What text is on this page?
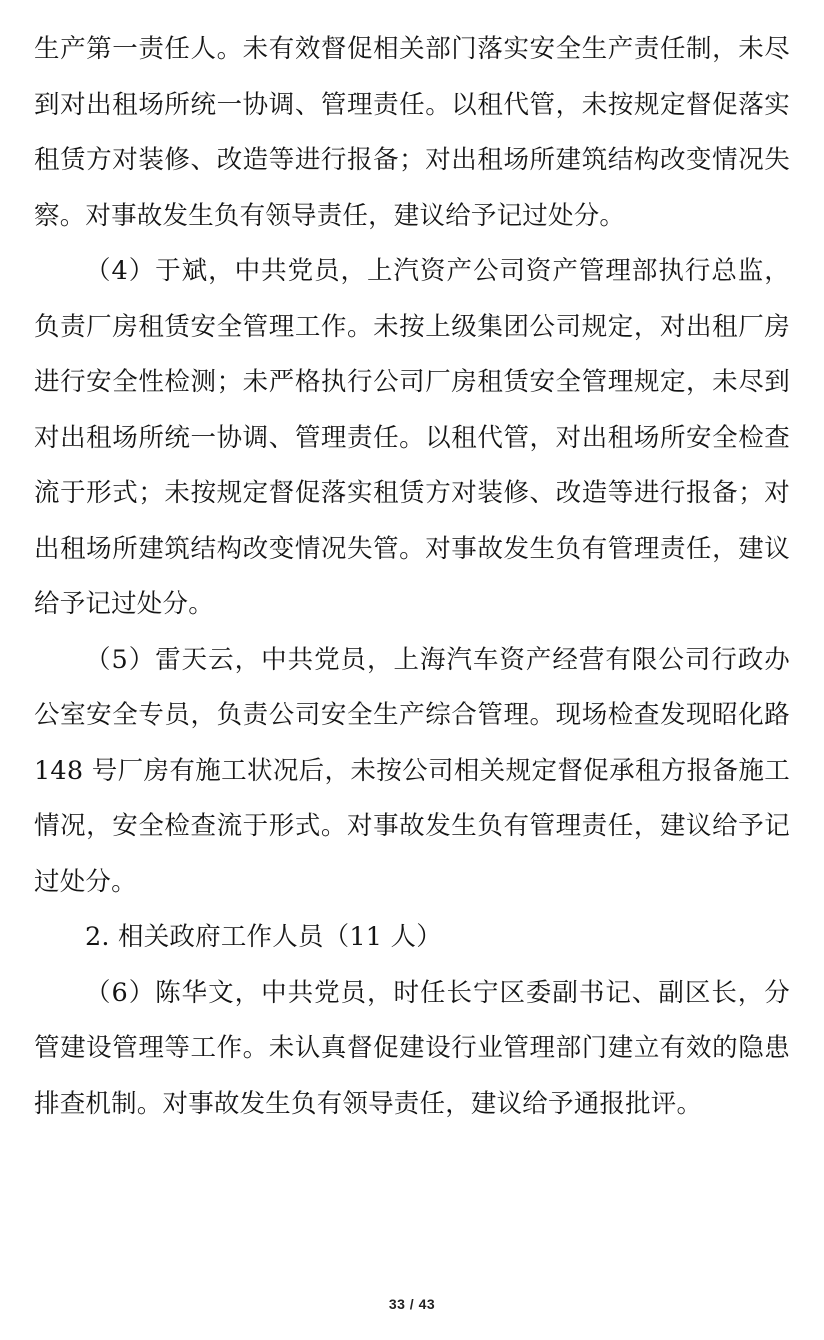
生产第一责任人。未有效督促相关部门落实安全生产责任制，未尽到对出租场所统一协调、管理责任。以租代管，未按规定督促落实租赁方对装修、改造等进行报备；对出租场所建筑结构改变情况失察。对事故发生负有领导责任，建议给予记过处分。

（4）于斌，中共党员，上汽资产公司资产管理部执行总监，负责厂房租赁安全管理工作。未按上级集团公司规定，对出租厂房进行安全性检测；未严格执行公司厂房租赁安全管理规定，未尽到对出租场所统一协调、管理责任。以租代管，对出租场所安全检查流于形式；未按规定督促落实租赁方对装修、改造等进行报备；对出租场所建筑结构改变情况失管。对事故发生负有管理责任，建议给予记过处分。

（5）雷天云，中共党员，上海汽车资产经营有限公司行政办公室安全专员，负责公司安全生产综合管理。现场检查发现昭化路 148 号厂房有施工状况后，未按公司相关规定督促承租方报备施工情况，安全检查流于形式。对事故发生负有管理责任，建议给予记过处分。

2. 相关政府工作人员（11 人）

（6）陈华文，中共党员，时任长宁区委副书记、副区长，分管建设管理等工作。未认真督促建设行业管理部门建立有效的隐患排查机制。对事故发生负有领导责任，建议给予通报批评。

33 / 43
